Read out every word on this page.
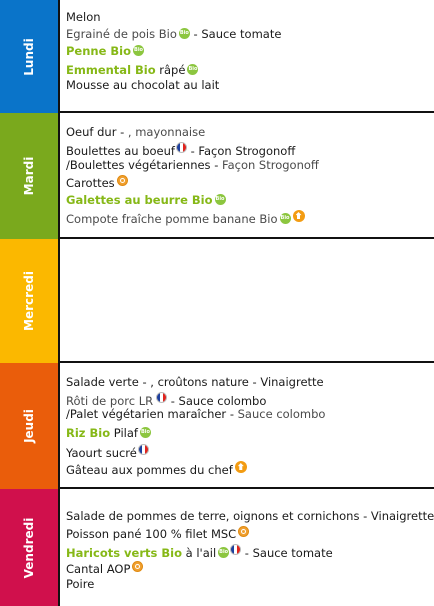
Lundi
Melon
Egrainé de pois Bio Bio - Sauce tomate
Penne Bio Bio
Emmental Bio râpé Bio
Mousse au chocolat au lait
Mardi
Oeuf dur - , mayonnaise
Boulettes au boeuf - Façon Strogonoff
/Boulettes végétariennes - Façon Strogonoff
Carottes
Galettes au beurre Bio Bio
Compote fraîche pomme banane Bio Bio
Mercredi
Jeudi
Salade verte - , croûtons nature - Vinaigrette
Rôti de porc LR - Sauce colombo
/Palet végétarien maraîcher - Sauce colombo
Riz Bio Pilaf Bio
Yaourt sucré
Gâteau aux pommes du chef
Vendredi
Salade de pommes de terre, oignons et cornichons - Vinaigrette
Poisson pané 100 % filet MSC
Haricots verts Bio à l'ail Bio - Sauce tomate
Cantal AOP
Poire
